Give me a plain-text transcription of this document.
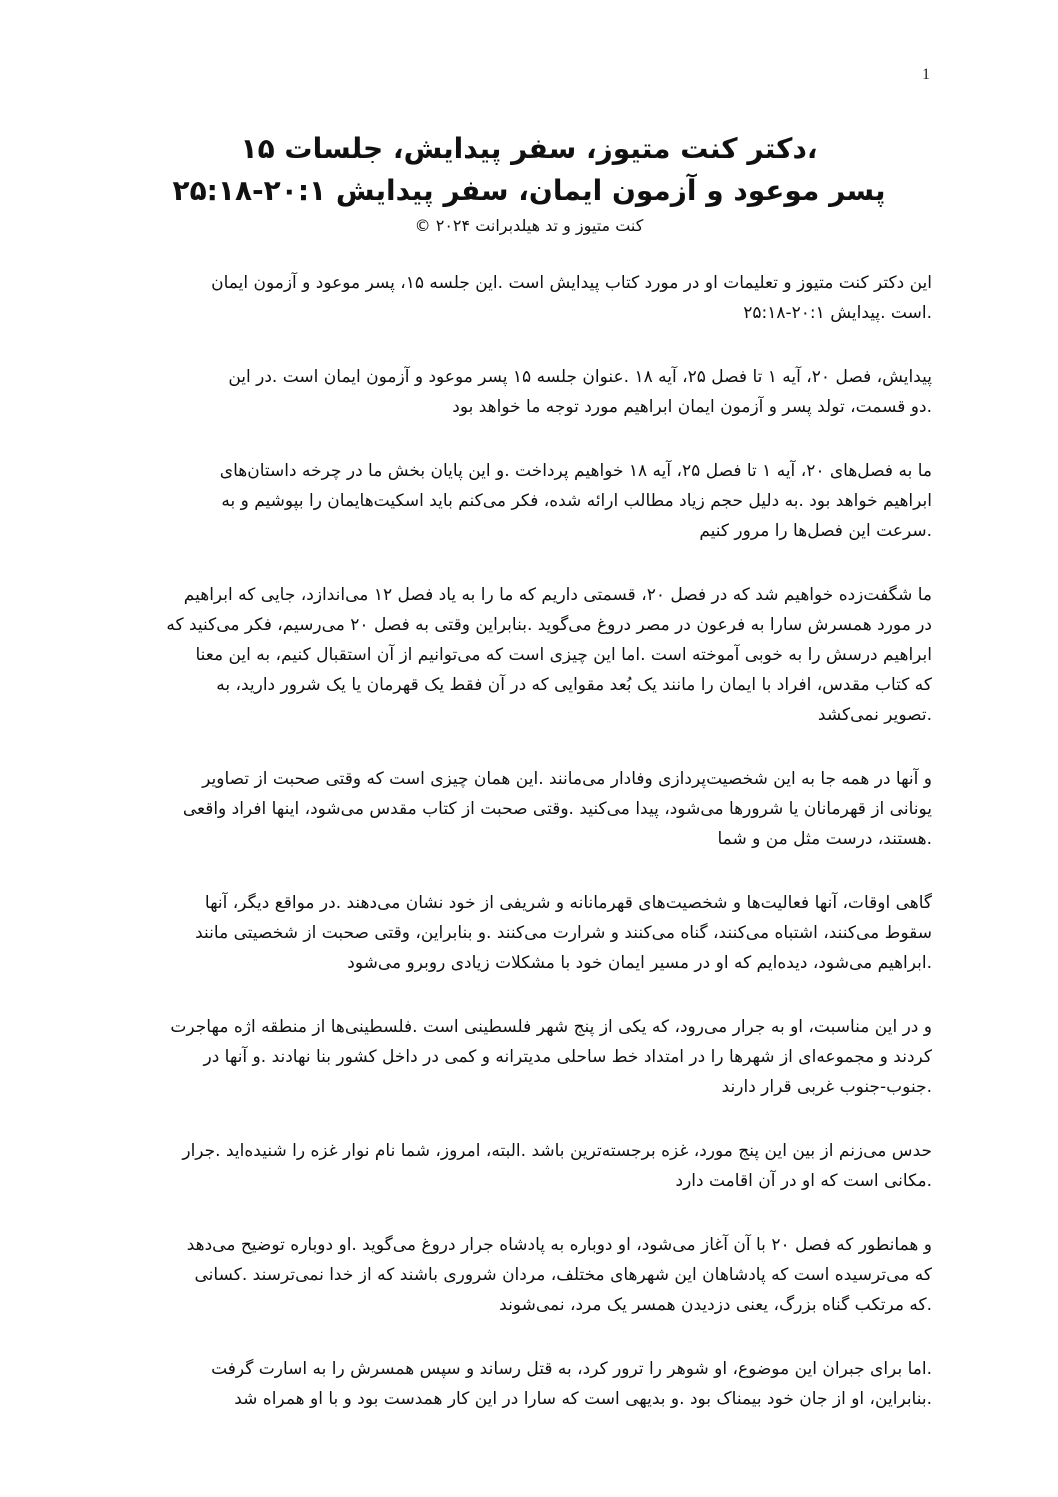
1
،دکتر کنت متیوز، سفر پیدایش، جلسات ۱۵
پسر موعود و آزمون ایمان، سفر پیدایش ۲۰:۱-۲۵:۱۸
کنت متیوز و تد هیلدبرانت ۲۰۲۴ ©

این دکتر کنت متیوز و تعلیمات او در مورد کتاب پیدایش است .این جلسه ۱۵، پسر موعود و آزمون ایمان
.است .پیدایش ۲۰:۱-۲۵:۱۸

پیدایش، فصل ۲۰، آیه ۱ تا فصل ۲۵، آیه ۱۸ .عنوان جلسه ۱۵ پسر موعود و آزمون ایمان است .در این
.دو قسمت، تولد پسر و آزمون ایمان ابراهیم مورد توجه ما خواهد بود

ما به فصل‌های ۲۰، آیه ۱ تا فصل ۲۵، آیه ۱۸ خواهیم پرداخت .و این پایان بخش ما در چرخه داستان‌های
ابراهیم خواهد بود .به دلیل حجم زیاد مطالب ارائه شده، فکر می‌کنم باید اسکیت‌هایمان را بپوشیم و به
.سرعت این فصل‌ها را مرور کنیم

ما شگفت‌زده خواهیم شد که در فصل ۲۰، قسمتی داریم که ما را به یاد فصل ۱۲ می‌اندازد، جایی که ابراهیم
در مورد همسرش سارا به فرعون در مصر دروغ می‌گوید .بنابراین وقتی به فصل ۲۰ می‌رسیم، فکر می‌کنید که
ابراهیم درسش را به خوبی آموخته است .اما این چیزی است که می‌توانیم از آن استقبال کنیم، به این معنا
که کتاب مقدس، افراد با ایمان را مانند یک بُعد مقوایی که در آن فقط یک قهرمان یا یک شرور دارید، به
.تصویر نمی‌کشد

و آنها در همه جا به این شخصیت‌پردازی وفادار می‌مانند .این همان چیزی است که وقتی صحبت از تصاویر
یونانی از قهرمانان یا شرورها می‌شود، پیدا می‌کنید .وقتی صحبت از کتاب مقدس می‌شود، اینها افراد واقعی
.هستند، درست مثل من و شما

گاهی اوقات، آنها فعالیت‌ها و شخصیت‌های قهرمانانه و شریفی از خود نشان می‌دهند .در مواقع دیگر، آنها
سقوط می‌کنند، اشتباه می‌کنند، گناه می‌کنند و شرارت می‌کنند .و بنابراین، وقتی صحبت از شخصیتی مانند
.ابراهیم می‌شود، دیده‌ایم که او در مسیر ایمان خود با مشکلات زیادی روبرو می‌شود

و در این مناسبت، او به جرار می‌رود، که یکی از پنج شهر فلسطینی است .فلسطینی‌ها از منطقه اژه مهاجرت
کردند و مجموعه‌ای از شهرها را در امتداد خط ساحلی مدیترانه و کمی در داخل کشور بنا نهادند .و آنها در
.جنوب-جنوب غربی قرار دارند

حدس می‌زنم از بین این پنج مورد، غزه برجسته‌ترین باشد .البته، امروز، شما نام نوار غزه را شنیده‌اید .جرار
.مکانی است که او در آن اقامت دارد

و همانطور که فصل ۲۰ با آن آغاز می‌شود، او دوباره به پادشاه جرار دروغ می‌گوید .او دوباره توضیح می‌دهد
که می‌ترسیده است که پادشاهان این شهرهای مختلف، مردان شروری باشند که از خدا نمی‌ترسند .کسانی
.که مرتکب گناه بزرگ، یعنی دزدیدن همسر یک مرد، نمی‌شوند

.اما برای جبران این موضوع، او شوهر را ترور کرد، به قتل رساند و سپس همسرش را به اسارت گرفت
.بنابراین، او از جان خود بیمناک بود .و بدیهی است که سارا در این کار همدست بود و با او همراه شد
